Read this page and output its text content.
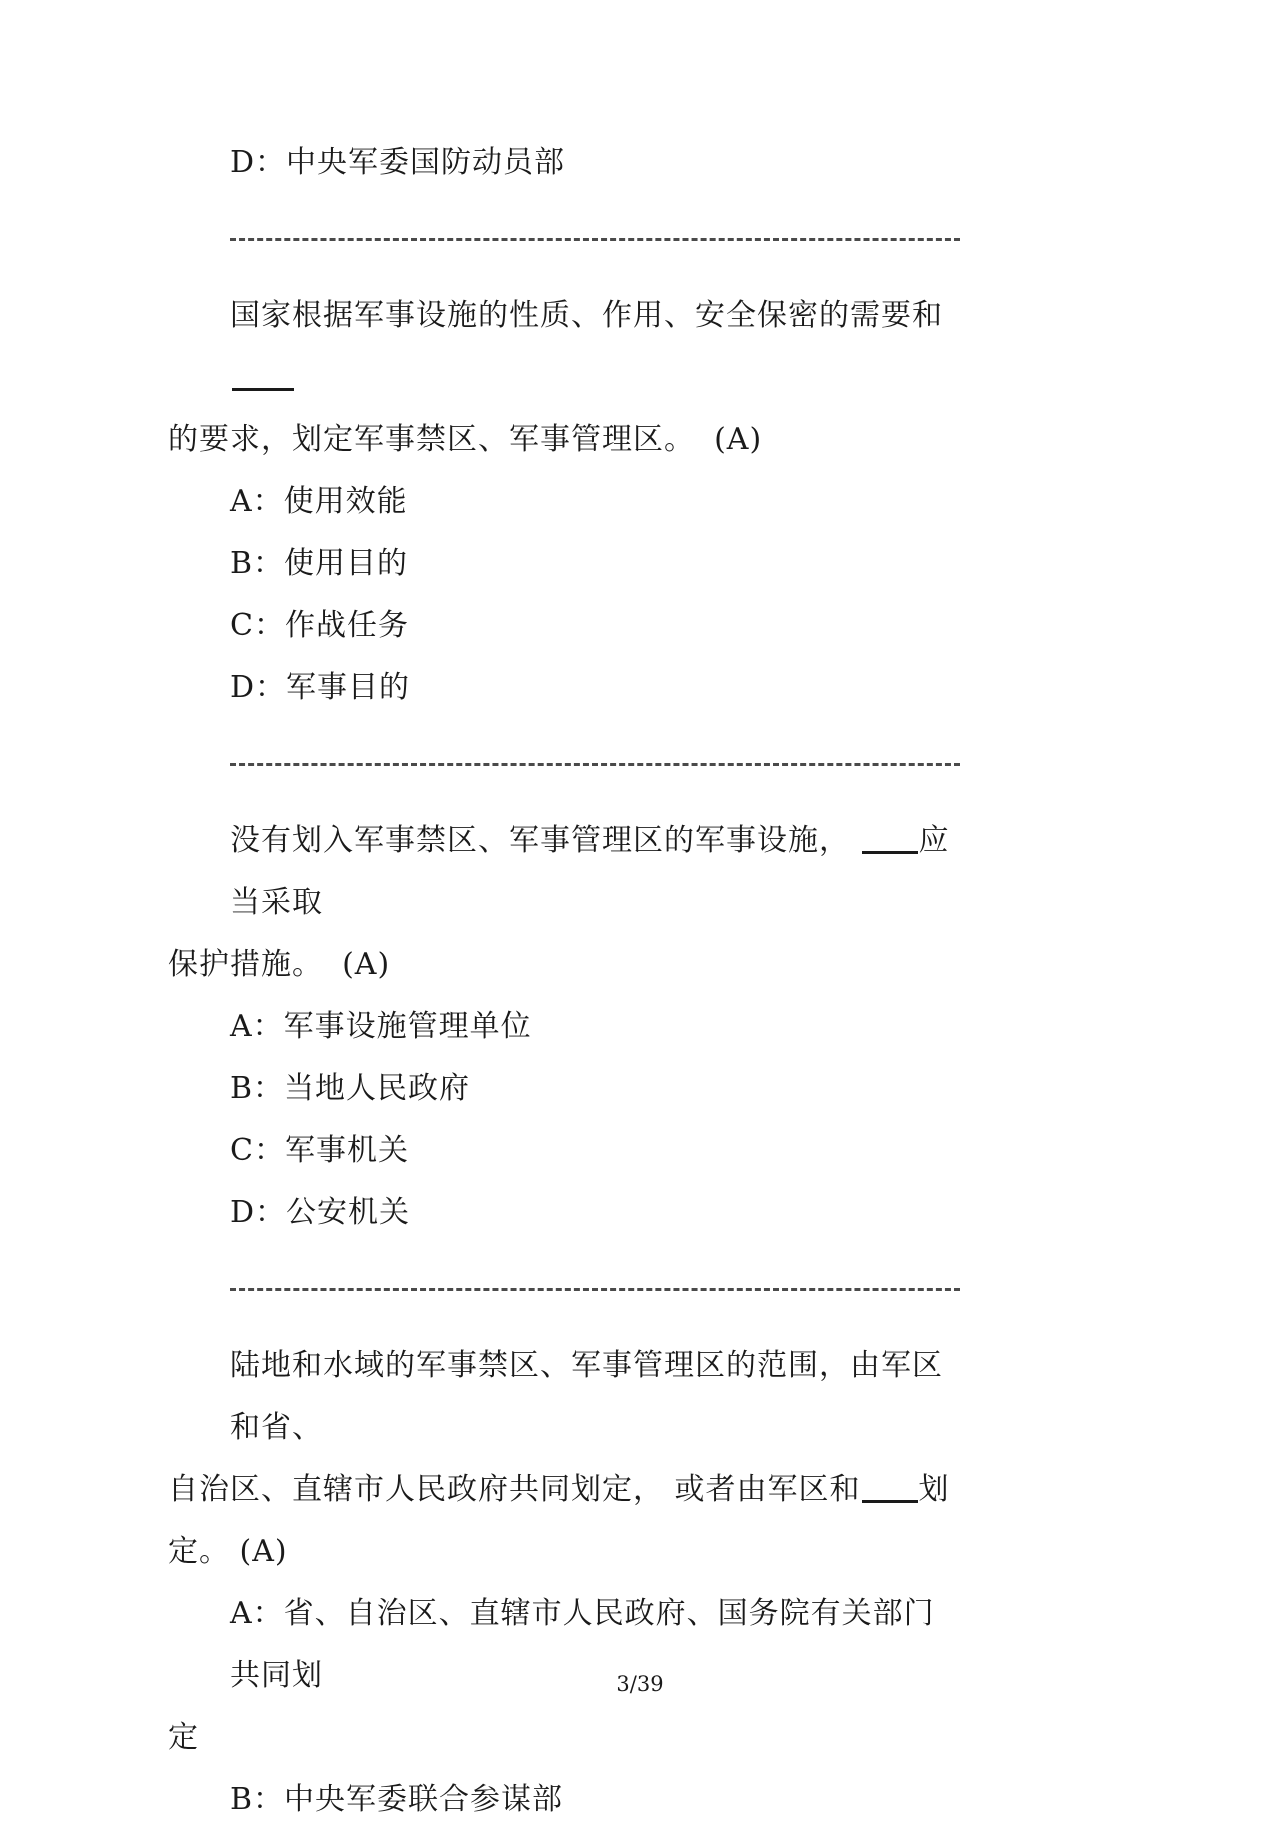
D：中央军委国防动员部
国家根据军事设施的性质、作用、安全保密的需要和
的要求，划定军事禁区、军事管理区。 (A)
A：使用效能
B：使用目的
C：作战任务
D：军事目的
没有划入军事禁区、军事管理区的军事设施， 应当采取
保护措施。 (A)
A：军事设施管理单位
B：当地人民政府
C：军事机关
D：公安机关
陆地和水域的军事禁区、军事管理区的范围，由军区和省、
自治区、直辖市人民政府共同划定， 或者由军区和 划定。 (A)
A：省、自治区、直辖市人民政府、国务院有关部门共同划
定
B：中央军委联合参谋部
3/39
